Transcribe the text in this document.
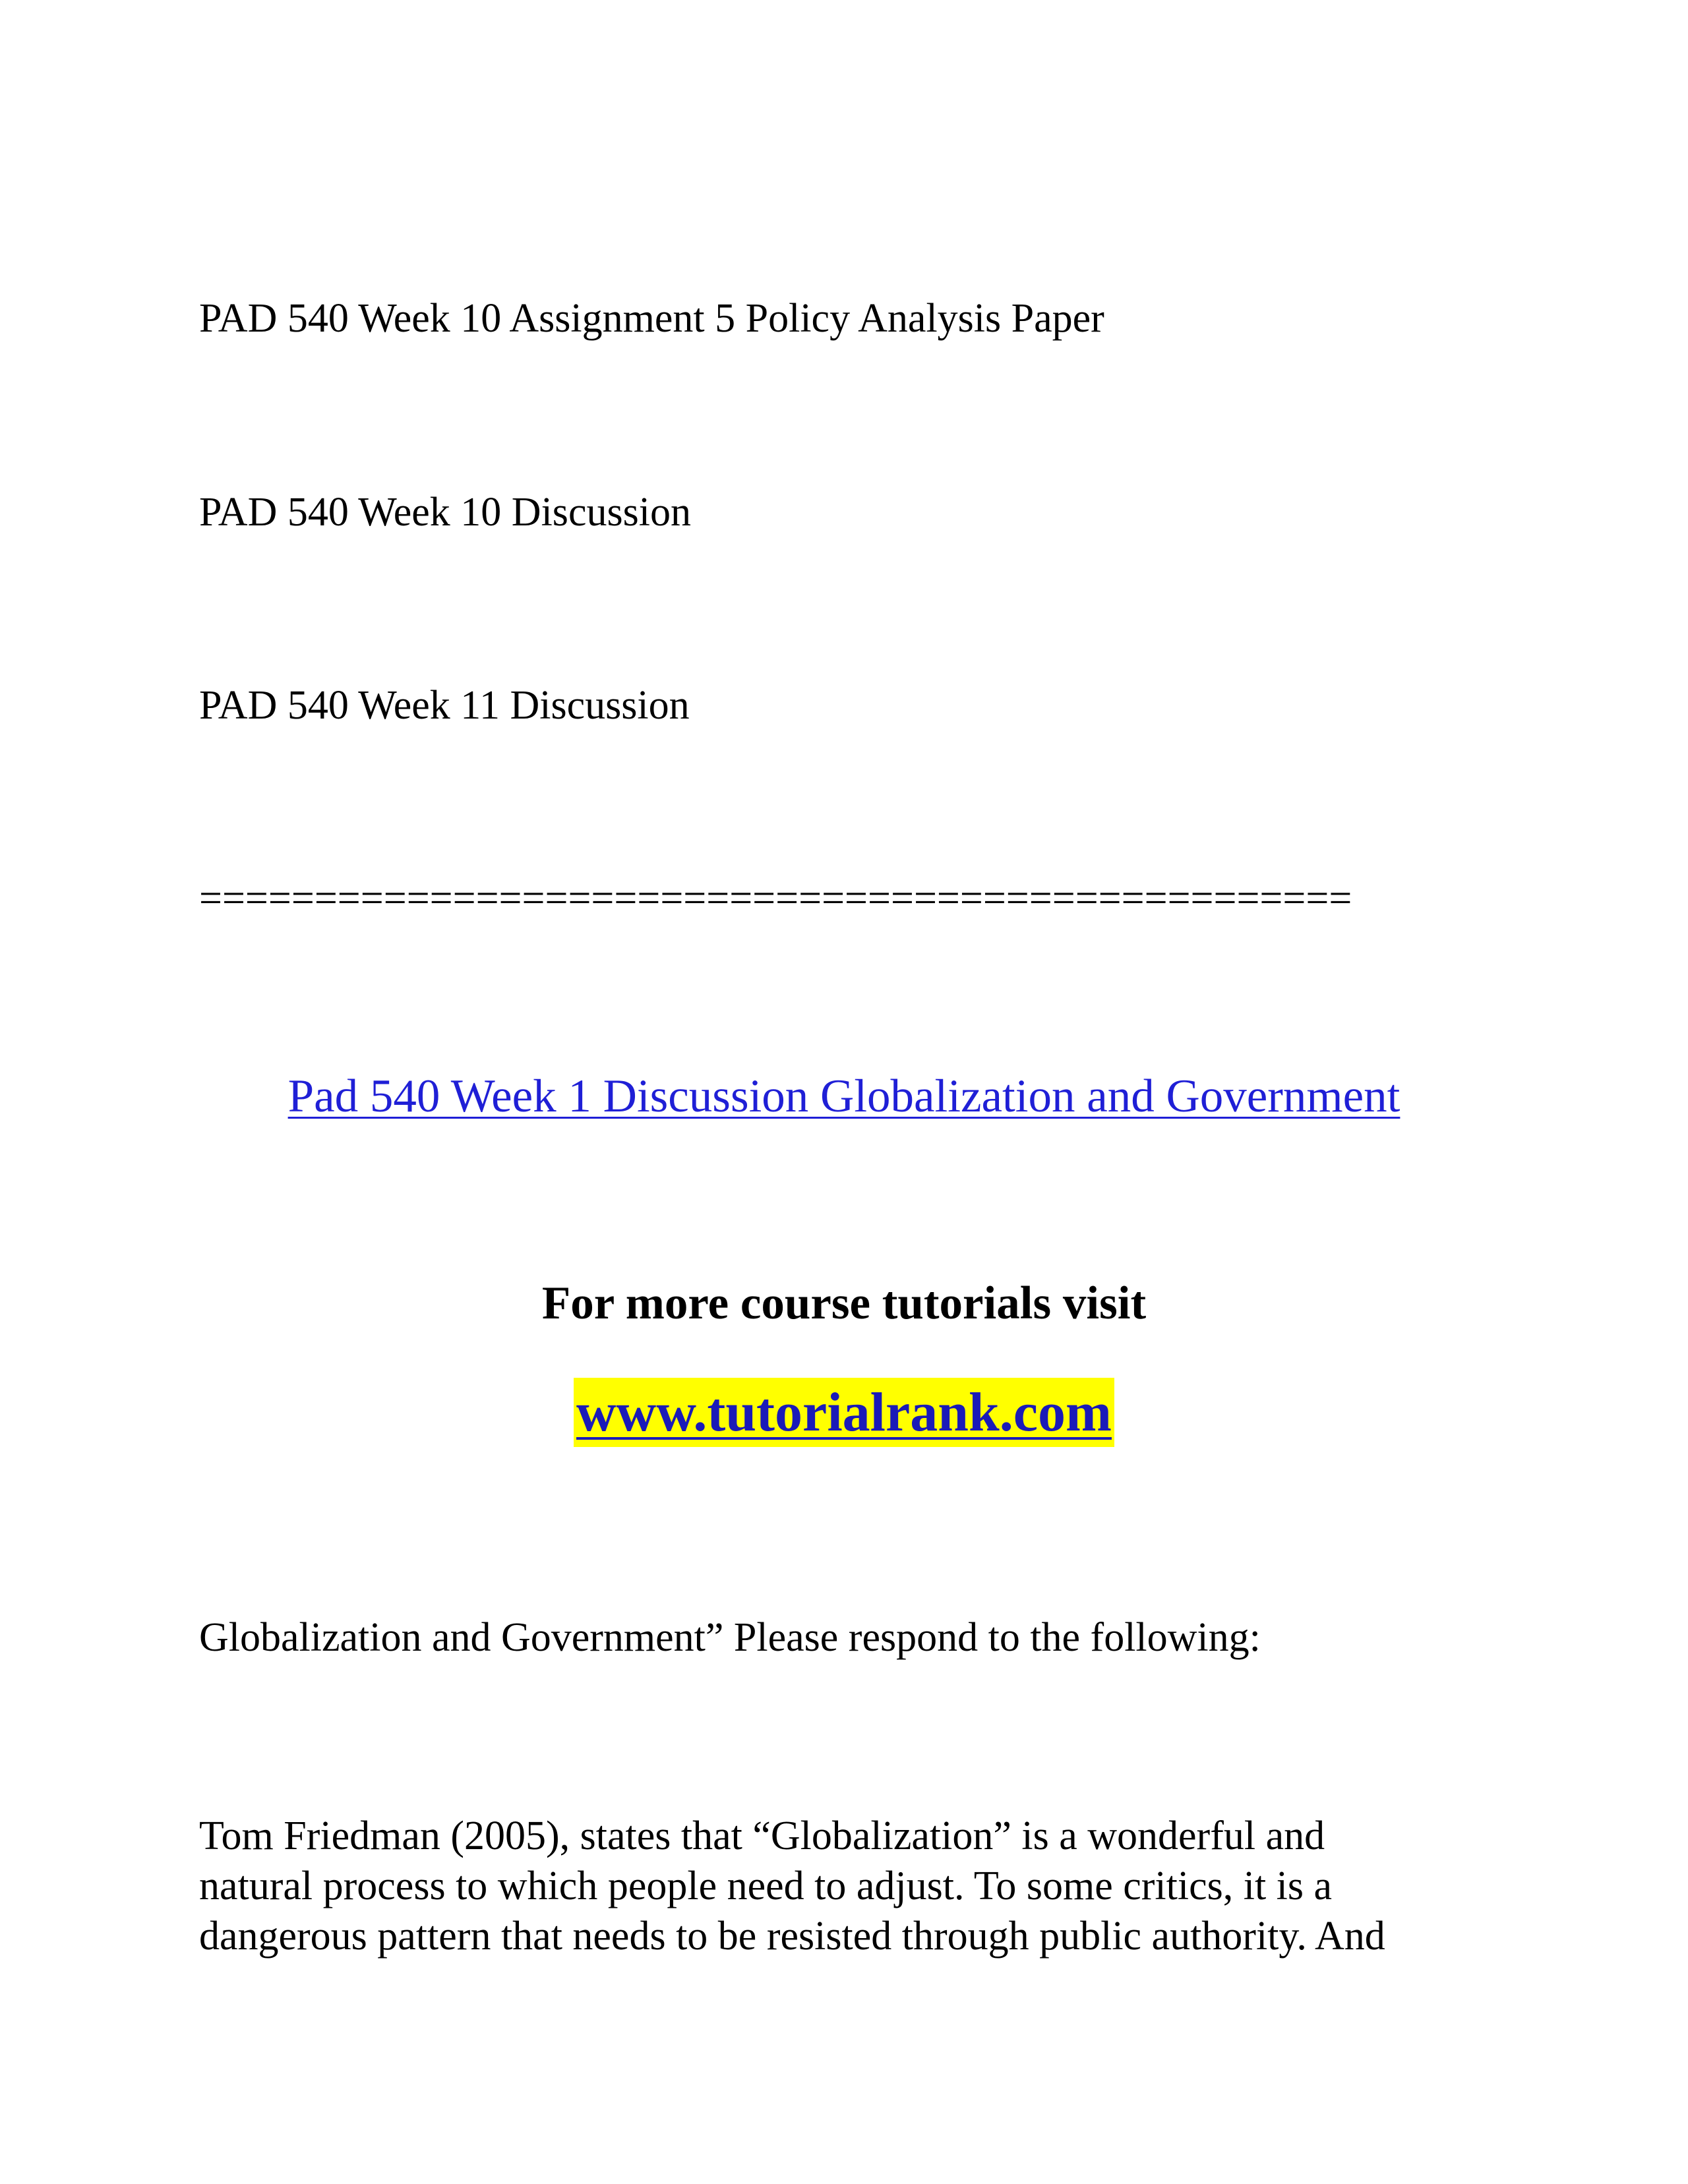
PAD 540 Week 10 Assignment 5 Policy Analysis Paper

PAD 540 Week 10 Discussion

PAD 540 Week 11 Discussion

==================================================

Pad 540 Week 1 Discussion Globalization and Government

For more course tutorials visit

www.tutorialrank.com

Globalization and Government” Please respond to the following:

Tom Friedman (2005), states that “Globalization” is a wonderful and
natural process to which people need to adjust. To some critics, it is a
dangerous pattern that needs to be resisted through public authority. And
